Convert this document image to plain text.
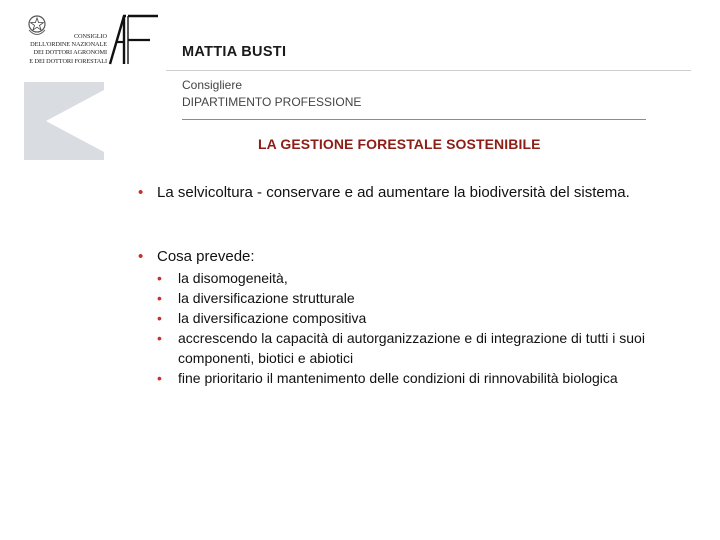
CONSIGLIO
DELL'ORDINE NAZIONALE
DEI DOTTORI AGRONOMI
E DEI DOTTORI FORESTALI
MATTIA BUSTI
Consigliere
DIPARTIMENTO PROFESSIONE
LA GESTIONE FORESTALE SOSTENIBILE
• La selvicoltura - conservare e ad aumentare la biodiversità del sistema.
• Cosa prevede:
• la disomogeneità,
• la diversificazione strutturale
• la diversificazione compositiva
• accrescendo la capacità di autorganizzazione e di integrazione di tutti i suoi componenti, biotici e abiotici
• fine prioritario il mantenimento delle condizioni di rinnovabilità biologica
